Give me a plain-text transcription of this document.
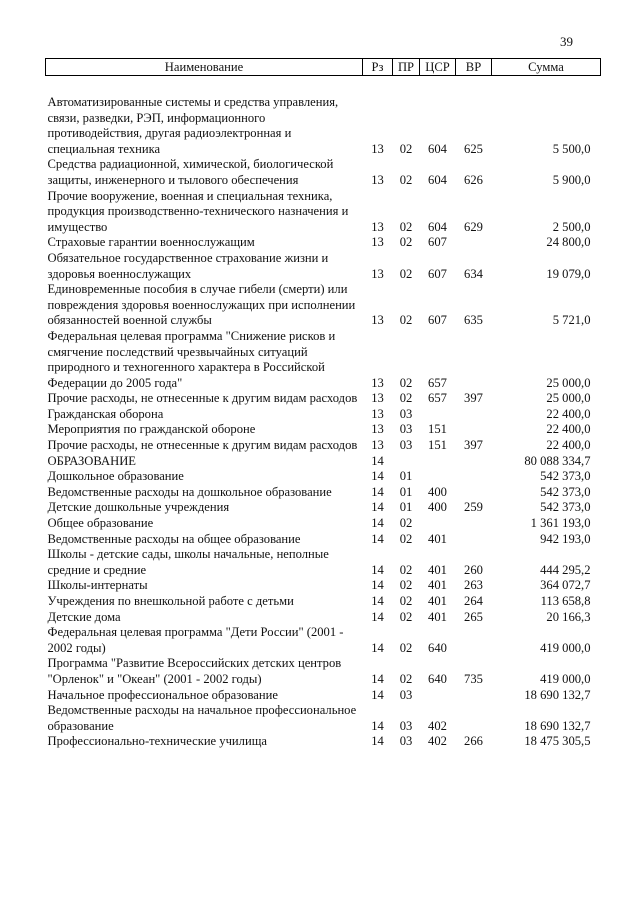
39
Наименование	Рз	ПР	ЦСР	ВР	Сумма

Автоматизированные системы и средства управления, связи, разведки, РЭП, информационного противодействия, другая радиоэлектронная и специальная техника	13	02	604	625	5 500,0
Средства радиационной, химической, биологической защиты, инженерного и тылового обеспечения	13	02	604	626	5 900,0
Прочие вооружение, военная и специальная техника, продукция производственно-технического назначения и имущество	13	02	604	629	2 500,0
Страховые гарантии военнослужащим	13	02	607		24 800,0
Обязательное государственное страхование жизни и здоровья военнослужащих	13	02	607	634	19 079,0
Единовременные пособия в случае гибели (смерти) или повреждения здоровья военнослужащих при исполнении обязанностей военной службы	13	02	607	635	5 721,0
Федеральная целевая программа "Снижение рисков и смягчение последствий чрезвычайных ситуаций природного и техногенного характера в Российской Федерации до 2005 года"	13	02	657		25 000,0
Прочие расходы, не отнесенные к другим видам расходов	13	02	657	397	25 000,0
Гражданская оборона	13	03			22 400,0
Мероприятия по гражданской обороне	13	03	151		22 400,0
Прочие расходы, не отнесенные к другим видам расходов	13	03	151	397	22 400,0
ОБРАЗОВАНИЕ	14				80 088 334,7
Дошкольное образование	14	01			542 373,0
Ведомственные расходы на дошкольное образование	14	01	400		542 373,0
Детские дошкольные учреждения	14	01	400	259	542 373,0
Общее образование	14	02			1 361 193,0
Ведомственные расходы на общее образование	14	02	401		942 193,0
Школы - детские сады, школы начальные, неполные средние и средние	14	02	401	260	444 295,2
Школы-интернаты	14	02	401	263	364 072,7
Учреждения по внешкольной работе с детьми	14	02	401	264	113 658,8
Детские дома	14	02	401	265	20 166,3
Федеральная целевая программа "Дети России" (2001 - 2002 годы)	14	02	640		419 000,0
Программа "Развитие Всероссийских детских центров "Орленок" и "Океан" (2001 - 2002 годы)	14	02	640	735	419 000,0
Начальное профессиональное образование	14	03			18 690 132,7
Ведомственные расходы на начальное профессиональное образование	14	03	402		18 690 132,7
Профессионально-технические училища	14	03	402	266	18 475 305,5
